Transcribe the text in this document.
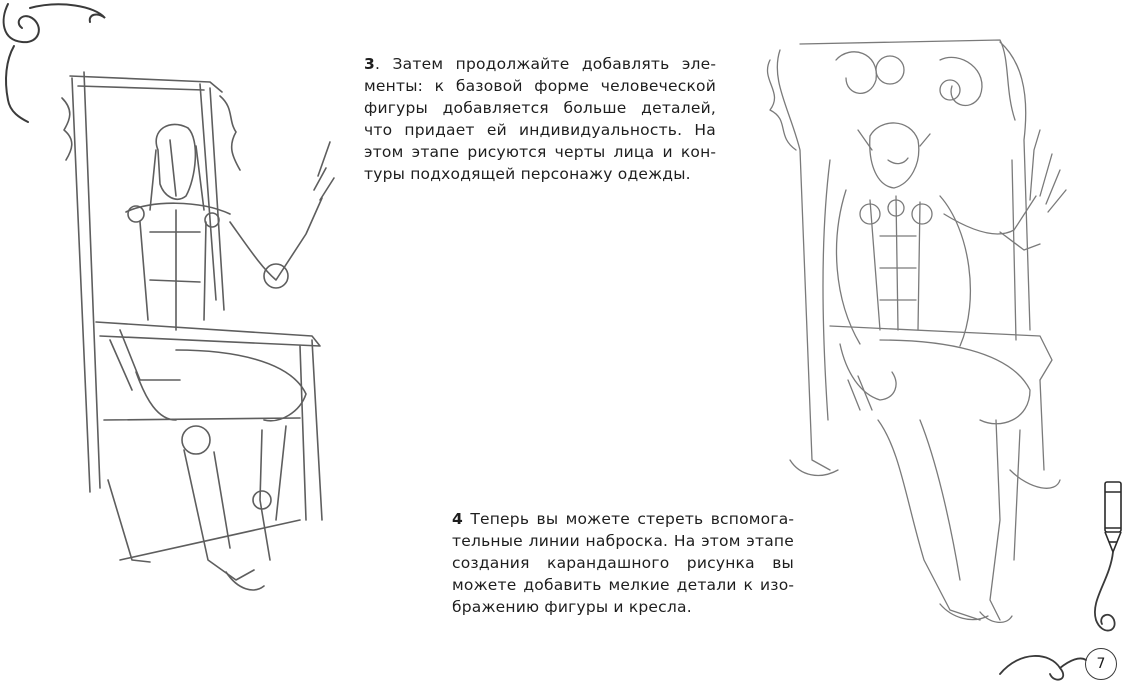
3. Затем продолжайте добавлять элементы: к базовой форме человеческой фигуры добавляется больше деталей, что придает ей индивидуальность. На этом этапе рисуются черты лица и контуры подходящей персонажу одежды.
4 Теперь вы можете стереть вспомогательные линии наброска. На этом этапе создания карандашного рисунка вы можете добавить мелкие детали к изображению фигуры и кресла.
7
